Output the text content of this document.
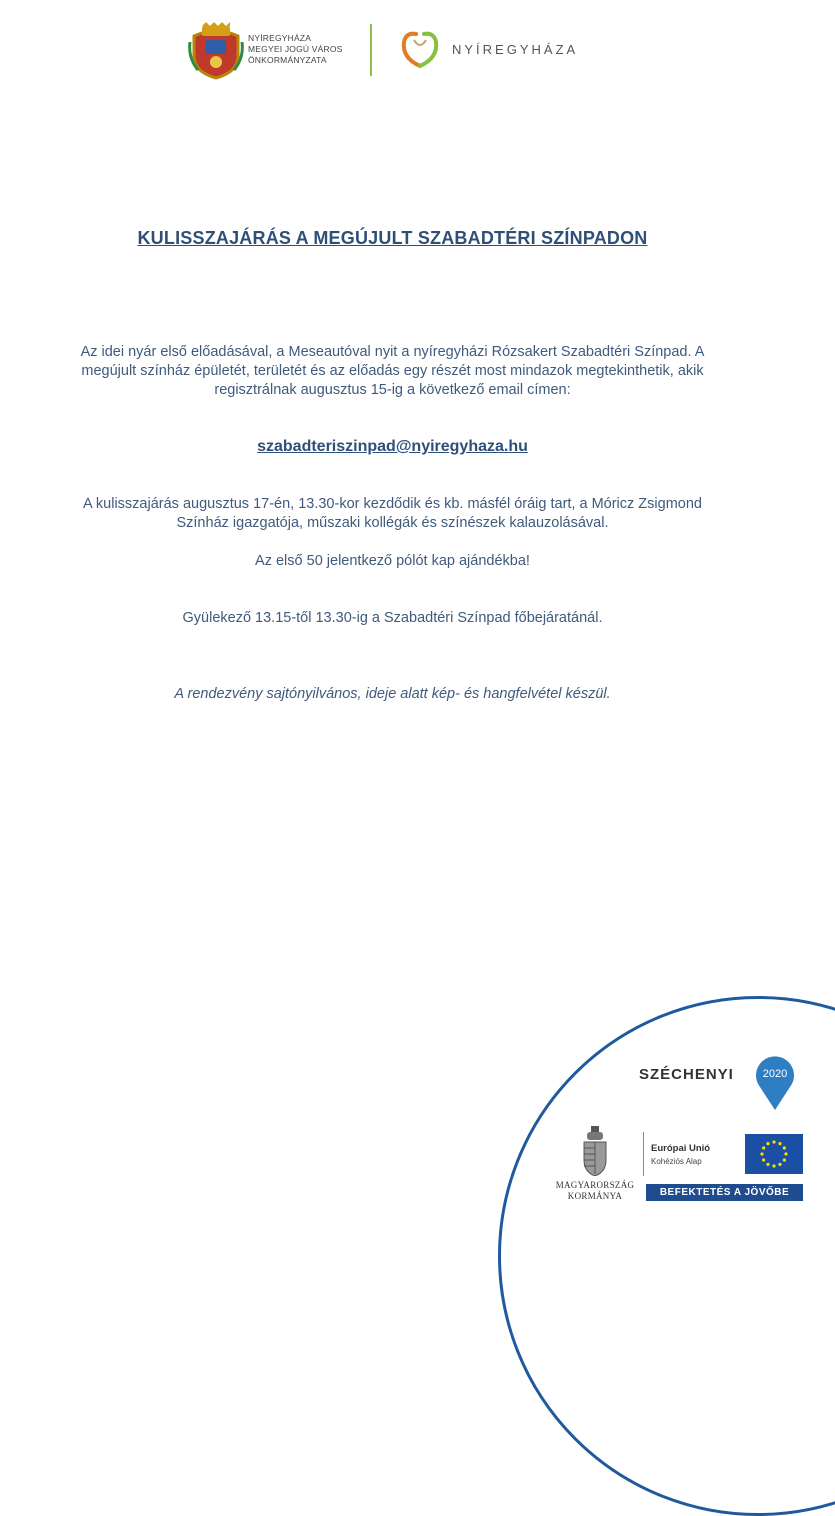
NYÍREGYHÁZA
MEGYEI JOGÚ VÁROS
ÖNKORMÁNYZATA
NYÍREGYHÁZA
KULISSZAJÁRÁS A MEGÚJULT SZABADTÉRI SZÍNPADON
Az idei nyár első előadásával, a Meseautóval nyit a nyíregyházi Rózsakert Szabadtéri Színpad. A megújult színház épületét, területét és az előadás egy részét most mindazok megtekinthetik, akik regisztrálnak augusztus 15-ig a következő email címen:
szabadteriszinpad@nyiregyhaza.hu
A kulisszajárás augusztus 17-én, 13.30-kor kezdődik és kb. másfél óráig tart, a Móricz Zsigmond Színház igazgatója, műszaki kollégák és színészek kalauzolásával.
Az első 50 jelentkező pólót kap ajándékba!
Gyülekező 13.15-től 13.30-ig a Szabadtéri Színpad főbejáratánál.
A rendezvény sajtónyilvános, ideje alatt kép- és hangfelvétel készül.
SZÉCHENYI	2020
MAGYARORSZÁG
KORMÁNYA
Európai Unió
Kohéziós Alap
BEFEKTETÉS A JÖVŐBE
